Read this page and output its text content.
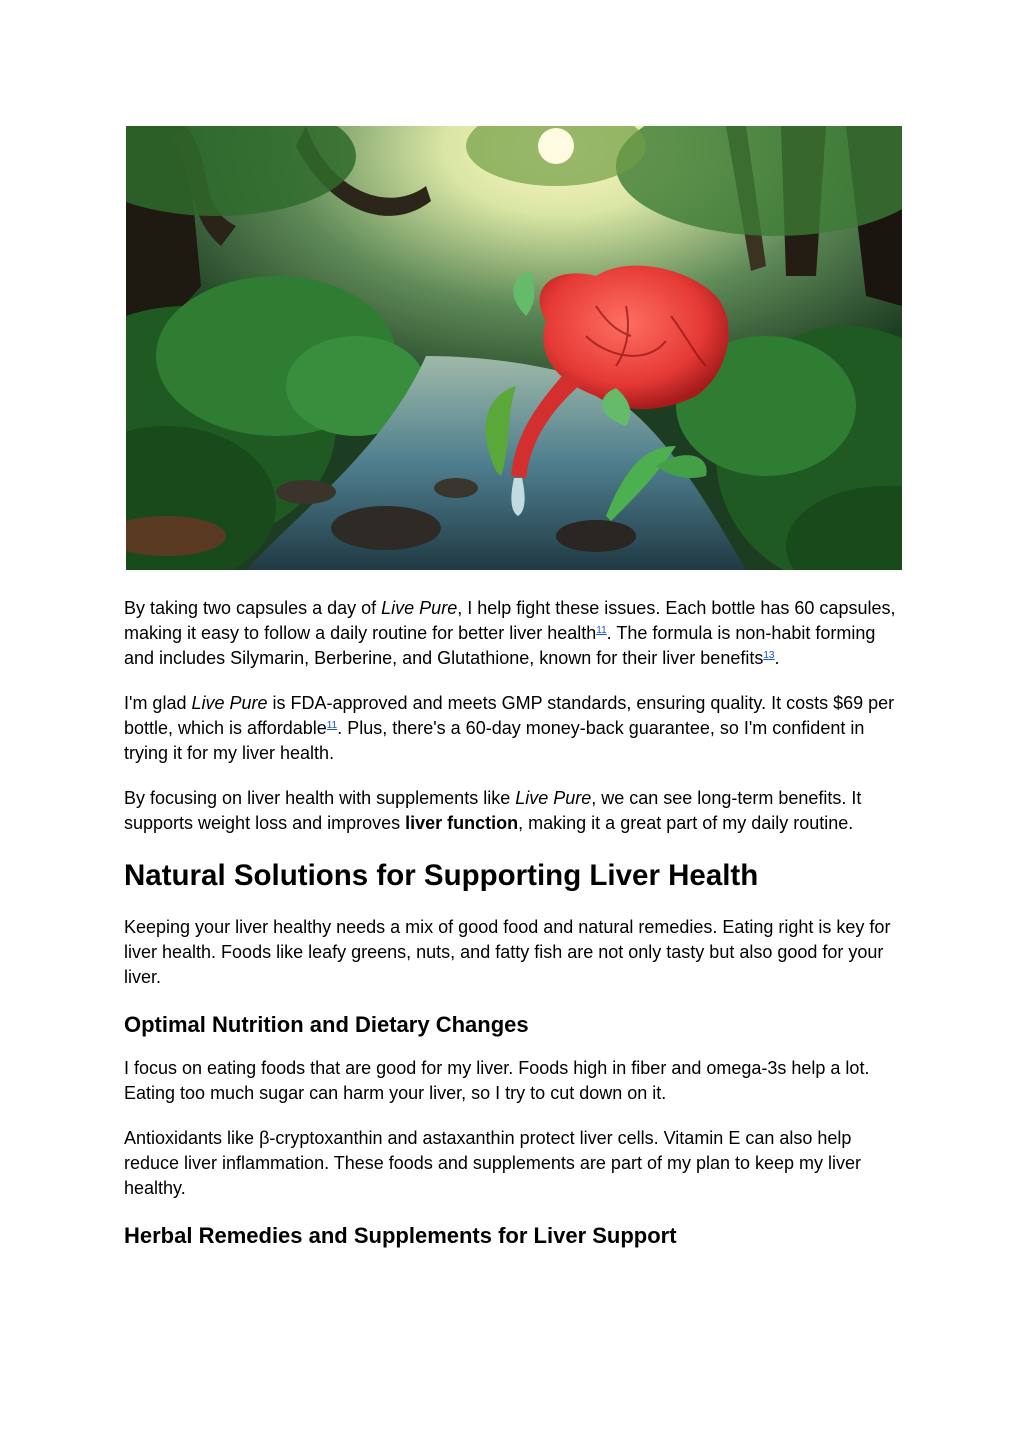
By taking two capsules a day of Live Pure, I help fight these issues. Each bottle has 60 capsules, making it easy to follow a daily routine for better liver health$^{11}$. The formula is non-habit forming and includes Silymarin, Berberine, and Glutathione, known for their liver benefits$^{13}$.

I'm glad Live Pure is FDA-approved and meets GMP standards, ensuring quality. It costs $69 per bottle, which is affordable$^{11}$. Plus, there's a 60-day money-back guarantee, so I'm confident in trying it for my liver health.

By focusing on liver health with supplements like Live Pure, we can see long-term benefits. It supports weight loss and improves liver function, making it a great part of my daily routine.

Natural Solutions for Supporting Liver Health

Keeping your liver healthy needs a mix of good food and natural remedies. Eating right is key for liver health. Foods like leafy greens, nuts, and fatty fish are not only tasty but also good for your liver.

Optimal Nutrition and Dietary Changes

I focus on eating foods that are good for my liver. Foods high in fiber and omega-3s help a lot. Eating too much sugar can harm your liver, so I try to cut down on it.

Antioxidants like β-cryptoxanthin and astaxanthin protect liver cells. Vitamin E can also help reduce liver inflammation. These foods and supplements are part of my plan to keep my liver healthy.

Herbal Remedies and Supplements for Liver Support
